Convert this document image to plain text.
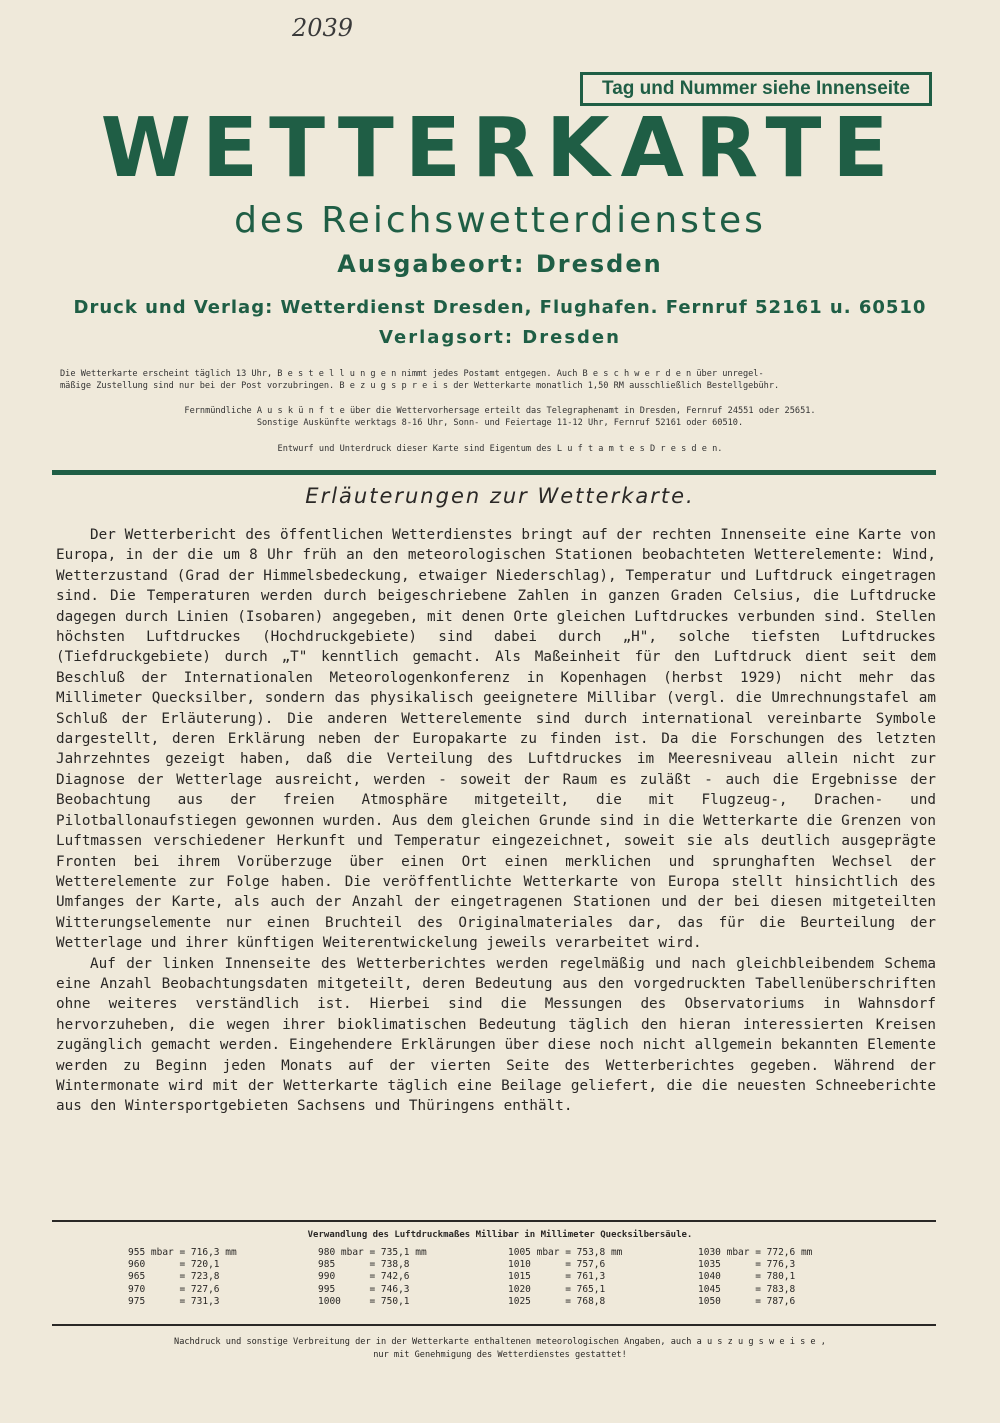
2039
Tag und Nummer siehe Innenseite
WETTERKARTE
des Reichswetterdienstes
Ausgabeort: Dresden
Druck und Verlag: Wetterdienst Dresden, Flughafen. Fernruf 52161 u. 60510
Verlagsort: Dresden
Die Wetterkarte erscheint täglich 13 Uhr, B e s t e l l u n g e n nimmt jedes Postamt entgegen. Auch B e s c h w e r d e n über unregel-
mäßige Zustellung sind nur bei der Post vorzubringen. B e z u g s p r e i s der Wetterkarte monatlich 1,50 RM ausschließlich Bestellgebühr.
Fernmündliche A u s k ü n f t e über die Wettervorhersage erteilt das Telegraphenamt in Dresden, Fernruf 24551 oder 25651.
Sonstige Auskünfte werktags 8-16 Uhr, Sonn- und Feiertage 11-12 Uhr, Fernruf 52161 oder 60510.
Entwurf und Unterdruck dieser Karte sind Eigentum des L u f t a m t e s D r e s d e n.
Erläuterungen zur Wetterkarte.

Der Wetterbericht des öffentlichen Wetterdienstes bringt auf der rechten Innenseite eine Karte von Europa, in der die um 8 Uhr früh an den meteorologischen Stationen beobachteten Wetterelemente: Wind, Wetterzustand (Grad der Himmelsbedeckung, etwaiger Niederschlag), Temperatur und Luftdruck eingetragen sind. Die Temperaturen werden durch beigeschriebene Zahlen in ganzen Graden Celsius, die Luftdrucke dagegen durch Linien (Isobaren) angegeben, mit denen Orte gleichen Luftdruckes verbunden sind. Stellen höchsten Luftdruckes (Hochdruckgebiete) sind dabei durch „H", solche tiefsten Luftdruckes (Tiefdruckgebiete) durch „T" kenntlich gemacht. Als Maßeinheit für den Luftdruck dient seit dem Beschluß der Internationalen Meteorologenkonferenz in Kopenhagen (herbst 1929) nicht mehr das Millimeter Quecksilber, sondern das physikalisch geeignetere Millibar (vergl. die Umrechnungstafel am Schluß der Erläuterung). Die anderen Wetterelemente sind durch international vereinbarte Symbole dargestellt, deren Erklärung neben der Europakarte zu finden ist. Da die Forschungen des letzten Jahrzehntes gezeigt haben, daß die Verteilung des Luftdruckes im Meeresniveau allein nicht zur Diagnose der Wetterlage ausreicht, werden - soweit der Raum es zuläßt - auch die Ergebnisse der Beobachtung aus der freien Atmosphäre mitgeteilt, die mit Flugzeug-, Drachen- und Pilotballonaufstiegen gewonnen wurden. Aus dem gleichen Grunde sind in die Wetterkarte die Grenzen von Luftmassen verschiedener Herkunft und Temperatur eingezeichnet, soweit sie als deutlich ausgeprägte Fronten bei ihrem Vorüberzuge über einen Ort einen merklichen und sprunghaften Wechsel der Wetterelemente zur Folge haben. Die veröffentlichte Wetterkarte von Europa stellt hinsichtlich des Umfanges der Karte, als auch der Anzahl der eingetragenen Stationen und der bei diesen mitgeteilten Witterungselemente nur einen Bruchteil des Originalmateriales dar, das für die Beurteilung der Wetterlage und ihrer künftigen Weiterentwickelung jeweils verarbeitet wird.

Auf der linken Innenseite des Wetterberichtes werden regelmäßig und nach gleichbleibendem Schema eine Anzahl Beobachtungsdaten mitgeteilt, deren Bedeutung aus den vorgedruckten Tabellenüberschriften ohne weiteres verständlich ist. Hierbei sind die Messungen des Observatoriums in Wahnsdorf hervorzuheben, die wegen ihrer bioklimatischen Bedeutung täglich den hieran interessierten Kreisen zugänglich gemacht werden. Eingehendere Erklärungen über diese noch nicht allgemein bekannten Elemente werden zu Beginn jeden Monats auf der vierten Seite des Wetterberichtes gegeben. Während der Wintermonate wird mit der Wetterkarte täglich eine Beilage geliefert, die die neuesten Schneeberichte aus den Wintersportgebieten Sachsens und Thüringens enthält.

Verwandlung des Luftdruckmaßes Millibar in Millimeter Quecksilbersäule.
955 mbar = 716,3 mm
960      = 720,1
965      = 723,8
970      = 727,6
975      = 731,3
980 mbar = 735,1 mm
985      = 738,8
990      = 742,6
995      = 746,3
1000     = 750,1
1005 mbar = 753,8 mm
1010      = 757,6
1015      = 761,3
1020      = 765,1
1025      = 768,8
1030 mbar = 772,6 mm
1035      = 776,3
1040      = 780,1
1045      = 783,8
1050      = 787,6
Nachdruck und sonstige Verbreitung der in der Wetterkarte enthaltenen meteorologischen Angaben, auch a u s z u g s w e i s e ,
nur mit Genehmigung des Wetterdienstes gestattet!
